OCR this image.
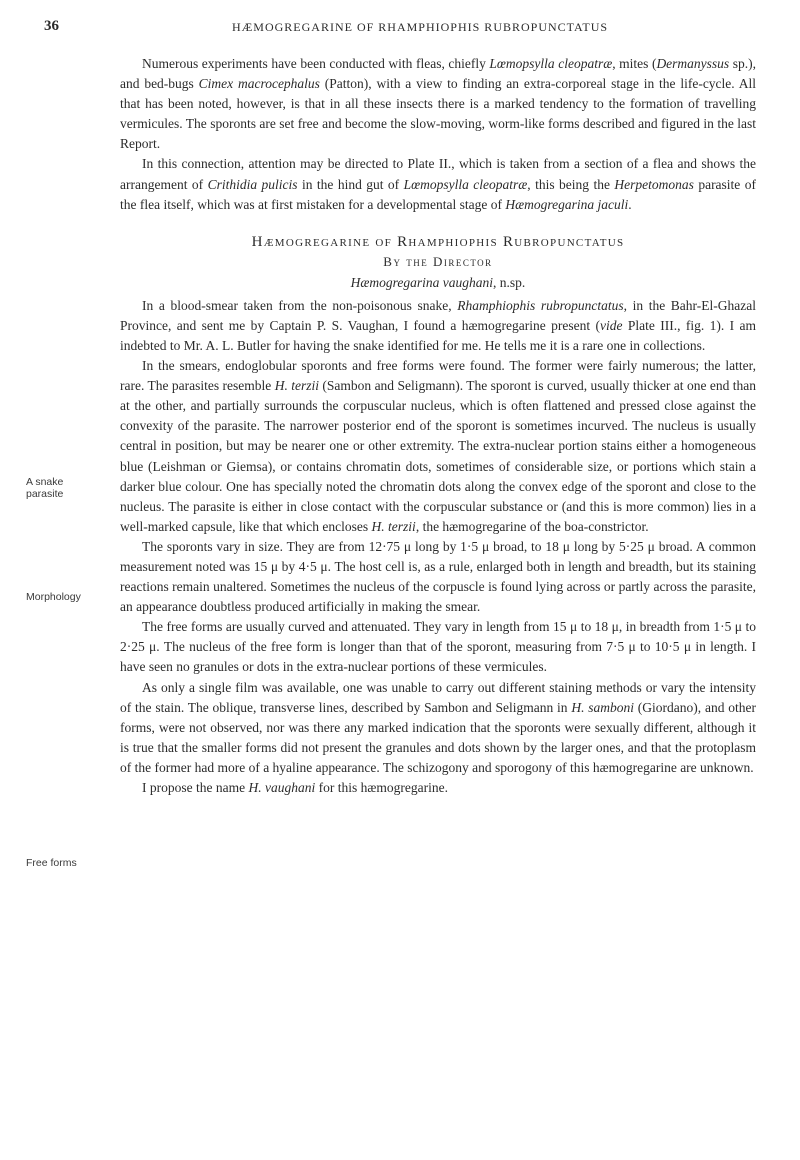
36	HÆMOGREGARINE OF RHAMPHIOPHIS RUBROPUNCTATUS
A snake
parasite
Morphology
Free forms

Numerous experiments have been conducted with fleas, chiefly Lœmopsylla cleopatræ, mites (Dermanyssus sp.), and bed-bugs Cimex macrocephalus (Patton), with a view to finding an extra-corporeal stage in the life-cycle. All that has been noted, however, is that in all these insects there is a marked tendency to the formation of travelling vermicules. The sporonts are set free and become the slow-moving, worm-like forms described and figured in the last Report.

In this connection, attention may be directed to Plate II., which is taken from a section of a flea and shows the arrangement of Crithidia pulicis in the hind gut of Lœmopsylla cleopatræ, this being the Herpetomonas parasite of the flea itself, which was at first mistaken for a developmental stage of Hæmogregarina jaculi.

Hæmogregarine of Rhamphiophis Rubropunctatus
By the Director
Hæmogregarina vaughani, n.sp.

In a blood-smear taken from the non-poisonous snake, Rhamphiophis rubropunctatus, in the Bahr-El-Ghazal Province, and sent me by Captain P. S. Vaughan, I found a hæmogregarine present (vide Plate III., fig. 1). I am indebted to Mr. A. L. Butler for having the snake identified for me. He tells me it is a rare one in collections.

In the smears, endoglobular sporonts and free forms were found. The former were fairly numerous; the latter, rare. The parasites resemble H. terzii (Sambon and Seligmann). The sporont is curved, usually thicker at one end than at the other, and partially surrounds the corpuscular nucleus, which is often flattened and pressed close against the convexity of the parasite. The narrower posterior end of the sporont is sometimes incurved. The nucleus is usually central in position, but may be nearer one or other extremity. The extra-nuclear portion stains either a homogeneous blue (Leishman or Giemsa), or contains chromatin dots, sometimes of considerable size, or portions which stain a darker blue colour. One has specially noted the chromatin dots along the convex edge of the sporont and close to the nucleus. The parasite is either in close contact with the corpuscular substance or (and this is more common) lies in a well-marked capsule, like that which encloses H. terzii, the hæmogregarine of the boa-constrictor.

The sporonts vary in size. They are from 12·75 μ long by 1·5 μ broad, to 18 μ long by 5·25 μ broad. A common measurement noted was 15 μ by 4·5 μ. The host cell is, as a rule, enlarged both in length and breadth, but its staining reactions remain unaltered. Sometimes the nucleus of the corpuscle is found lying across or partly across the parasite, an appearance doubtless produced artificially in making the smear.

The free forms are usually curved and attenuated. They vary in length from 15 μ to 18 μ, in breadth from 1·5 μ to 2·25 μ. The nucleus of the free form is longer than that of the sporont, measuring from 7·5 μ to 10·5 μ in length. I have seen no granules or dots in the extra-nuclear portions of these vermicules.

As only a single film was available, one was unable to carry out different staining methods or vary the intensity of the stain. The oblique, transverse lines, described by Sambon and Seligmann in H. samboni (Giordano), and other forms, were not observed, nor was there any marked indication that the sporonts were sexually different, although it is true that the smaller forms did not present the granules and dots shown by the larger ones, and that the protoplasm of the former had more of a hyaline appearance. The schizogony and sporogony of this hæmogregarine are unknown.

I propose the name H. vaughani for this hæmogregarine.
